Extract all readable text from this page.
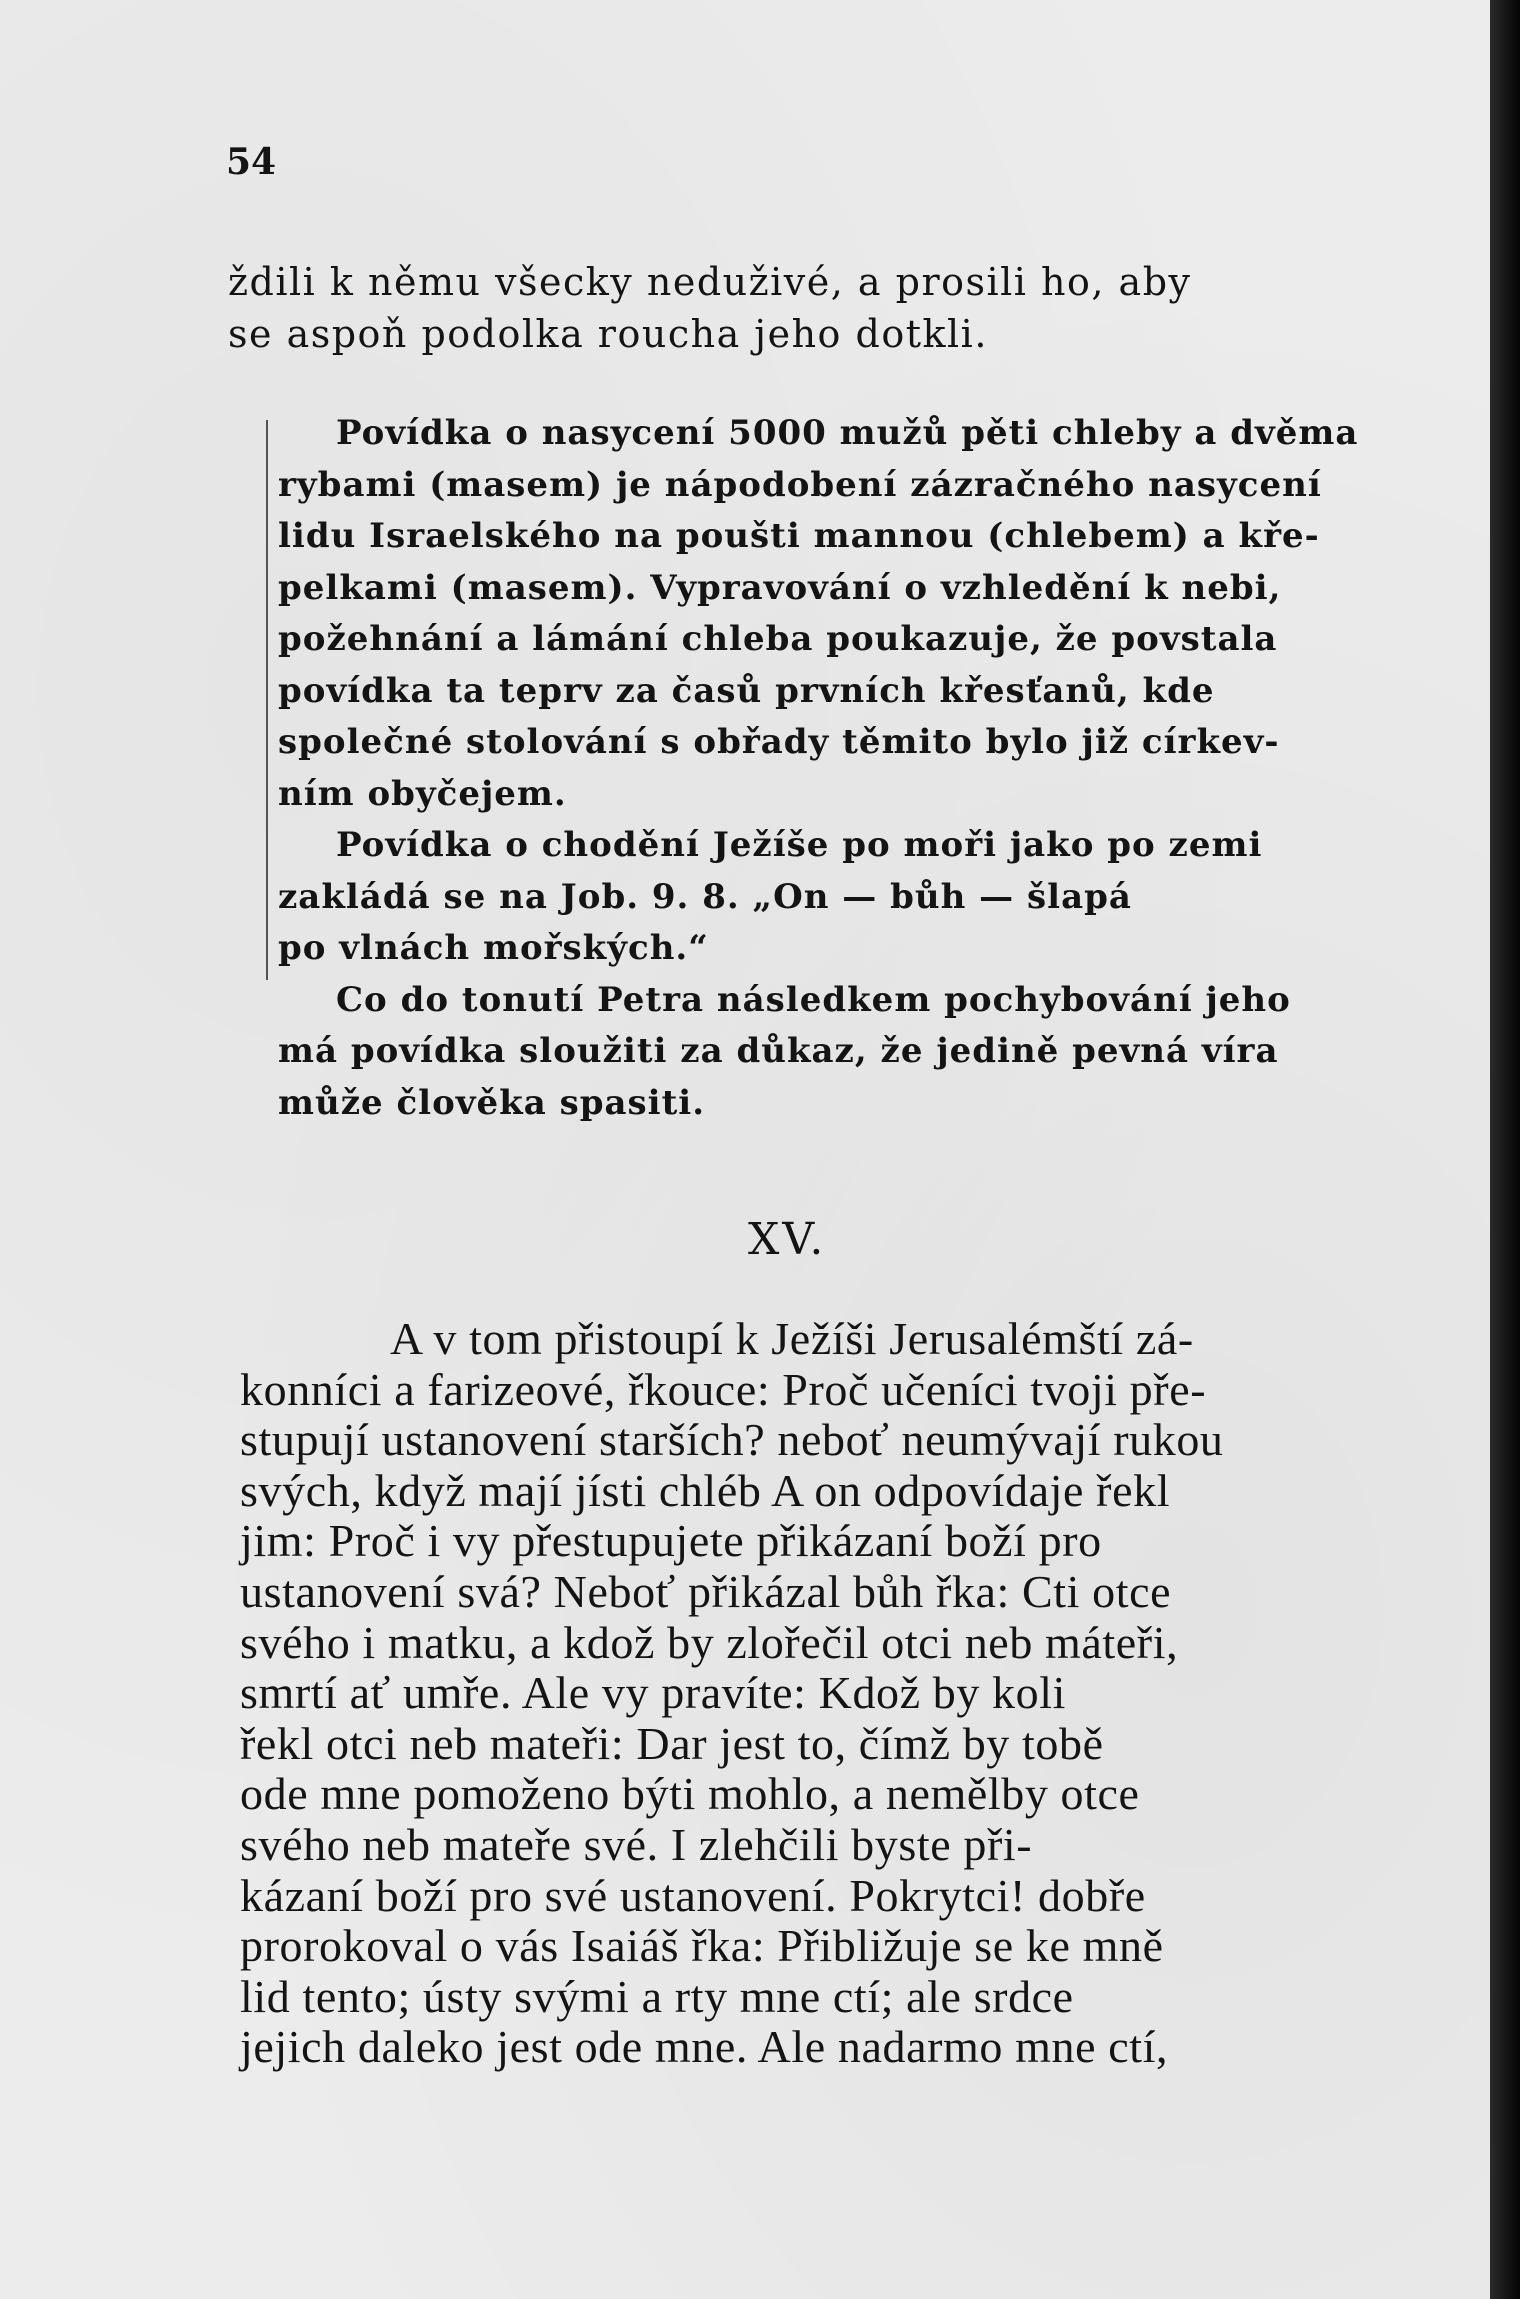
54

ždili k němu všecky neduživé, a prosili ho, aby
se aspoň podolka roucha jeho dotkli.

Povídka o nasycení 5000 mužů pěti chleby a dvěma
rybami (masem) je nápodobení zázračného nasycení
lidu Israelského na poušti mannou (chlebem) a kře-
pelkami (masem). Vypravování o vzhledění k nebi,
požehnání a lámání chleba poukazuje, že povstala
povídka ta teprv za časů prvních křesťanů, kde
společné stolování s obřady těmito bylo již církev-
ním obyčejem.
Povídka o chodění Ježíše po moři jako po zemi
zakládá se na Job. 9. 8. „On — bůh — šlapá
po vlnách mořských.“
Co do tonutí Petra následkem pochybování jeho
má povídka sloužiti za důkaz, že jedině pevná víra
může člověka spasiti.
XV.
A v tom přistoupí k Ježíši Jerusalémští zá-
konníci a farizeové, řkouce: Proč učeníci tvoji pře-
stupují ustanovení starších? neboť neumývají rukou
svých, když mají jísti chléb A on odpovídaje řekl
jim: Proč i vy přestupujete přikázaní boží pro
ustanovení svá? Neboť přikázal bůh řka: Cti otce
svého i matku, a kdož by zlořečil otci neb máteři,
smrtí ať umře. Ale vy pravíte: Kdož by koli
řekl otci neb mateři: Dar jest to, čímž by tobě
ode mne pomoženo býti mohlo, a nemělby otce
svého neb mateře své. I zlehčili byste při-
kázaní boží pro své ustanovení. Pokrytci! dobře
prorokoval o vás Isaiáš řka: Přibližuje se ke mně
lid tento; ústy svými a rty mne ctí; ale srdce
jejich daleko jest ode mne. Ale nadarmo mne ctí,
